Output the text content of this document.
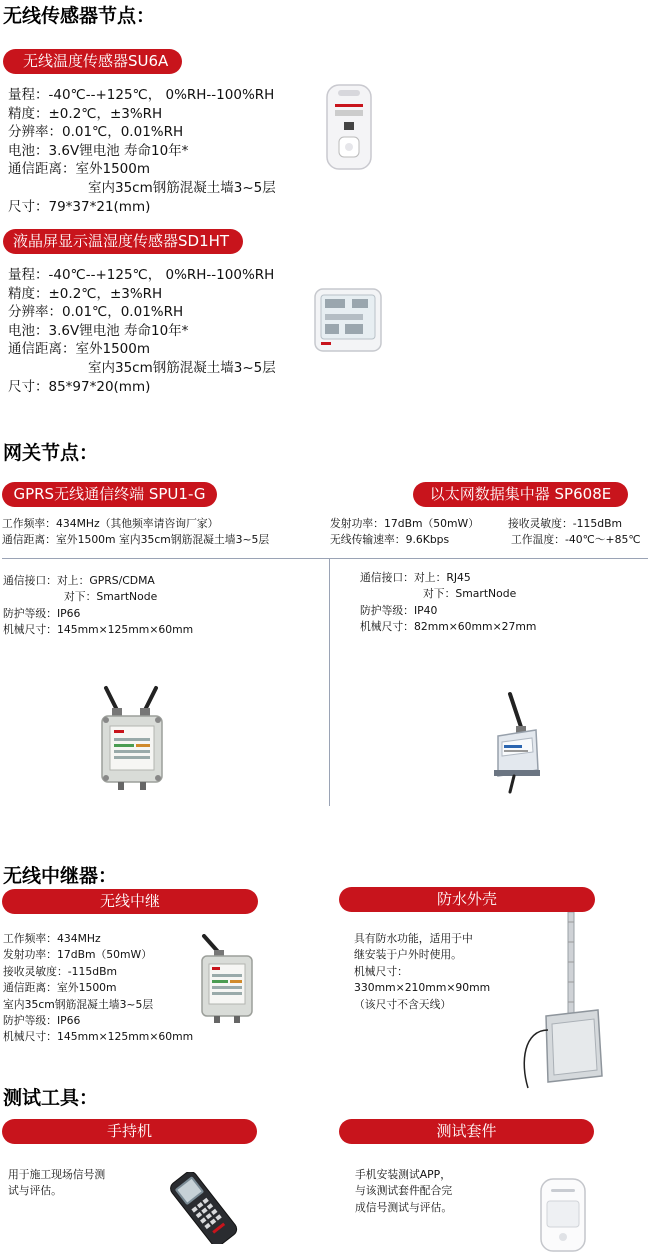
无线传感器节点：
无线温度传感器SU6A
量程：-40℃--+125℃， 0%RH--100%RH
精度：±0.2℃，±3%RH
分辨率：0.01℃，0.01%RH
电池：3.6V锂电池 寿命10年*
通信距离：室外1500m
室内35cm钢筋混凝土墙3~5层
尺寸：79*37*21(mm)
液晶屏显示温湿度传感器SD1HT
量程：-40℃--+125℃， 0%RH--100%RH
精度：±0.2℃，±3%RH
分辨率：0.01℃，0.01%RH
电池：3.6V锂电池 寿命10年*
通信距离：室外1500m
室内35cm钢筋混凝土墙3~5层
尺寸：85*97*20(mm)
网关节点：
GPRS无线通信终端 SPU1-G	以太网数据集中器 SP608E
工作频率：434MHz（其他频率请咨询厂家）
通信距离：室外1500m 室内35cm钢筋混凝土墙3~5层
发射功率：17dBm（50mW）
无线传输速率：9.6Kbps
接收灵敏度：-115dBm
工作温度：-40℃～+85℃
通信接口：对上：GPRS/CDMA
对下：SmartNode
防护等级：IP66
机械尺寸：145mm×125mm×60mm
通信接口：对上：RJ45
对下：SmartNode
防护等级：IP40
机械尺寸：82mm×60mm×27mm
无线中继器：
无线中继	防水外壳
工作频率：434MHz
发射功率：17dBm（50mW）
接收灵敏度：-115dBm
通信距离：室外1500m
室内35cm钢筋混凝土墙3~5层
防护等级：IP66
机械尺寸：145mm×125mm×60mm
具有防水功能，适用于中
继安装于户外时使用。
机械尺寸：
330mm×210mm×90mm
（该尺寸不含天线）
测试工具：
手持机	测试套件
用于施工现场信号测
试与评估。
手机安装测试APP，
与该测试套件配合完
成信号测试与评估。
